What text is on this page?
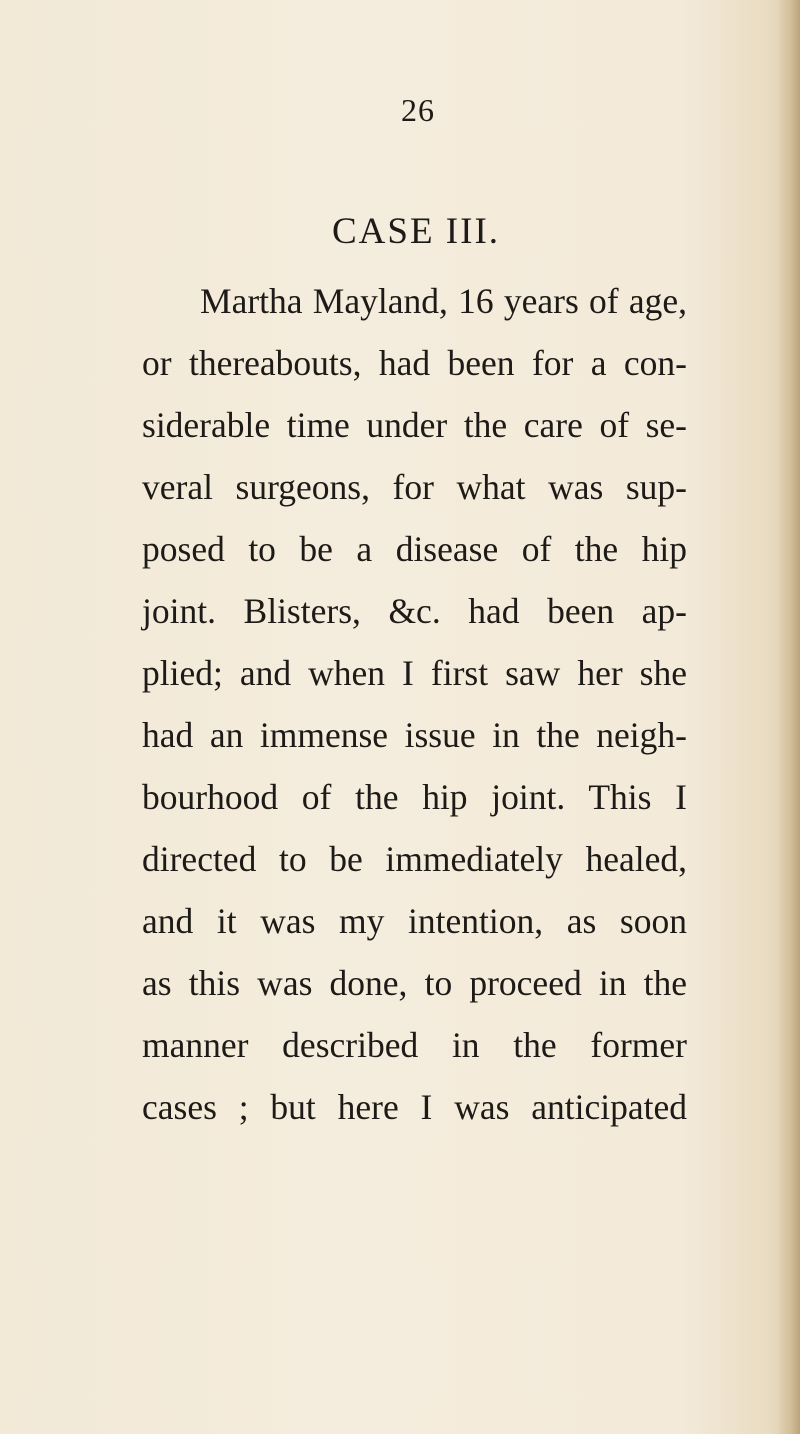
26
CASE III.
Martha Mayland, 16 years of age,
or thereabouts, had been for a con-
siderable time under the care of se-
veral surgeons, for what was sup-
posed to be a disease of the hip
joint. Blisters, &c. had been ap-
plied; and when I first saw her she
had an immense issue in the neigh-
bourhood of the hip joint. This I
directed to be immediately healed,
and it was my intention, as soon
as this was done, to proceed in the
manner described in the former
cases ; but here I was anticipated
